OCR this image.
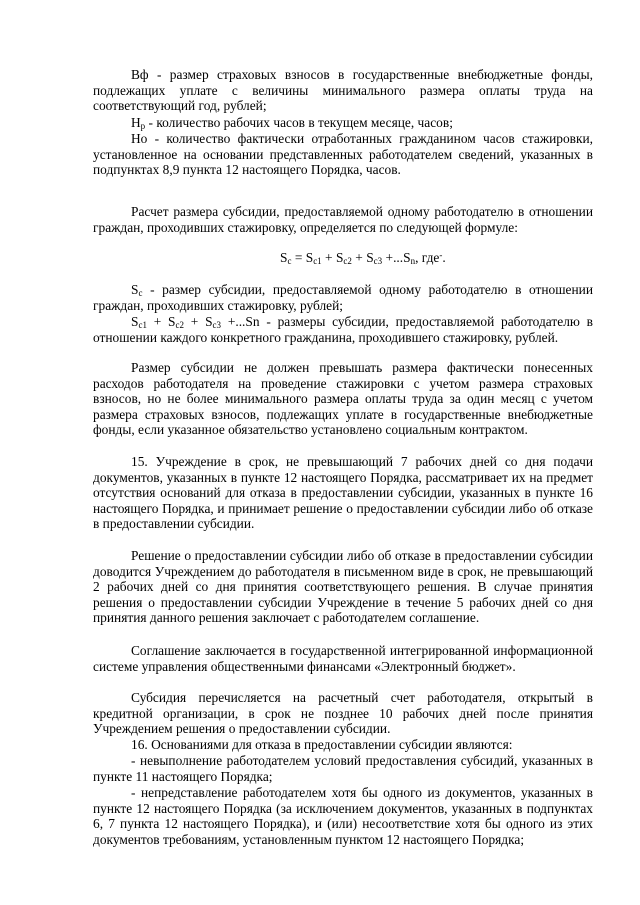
Вф - размер страховых взносов в государственные внебюджетные фонды, подлежащих уплате с величины минимального размера оплаты труда на соответствующий год, рублей;

$Н_р$ - количество рабочих часов в текущем месяце, часов;

Но - количество фактически отработанных гражданином часов стажировки, установленное на основании представленных работодателем сведений, указанных в подпунктах 8,9 пункта 12 настоящего Порядка, часов.

Расчет размера субсидии, предоставляемой одному работодателю в отношении граждан, проходивших стажировку, определяется по следующей формуле:

$S_с = S_{c1} + S_{c2} + S_{c3} +...S_n$, где-.

$S_с$ - размер субсидии, предоставляемой одному работодателю в отношении граждан, проходивших стажировку, рублей;

$S_{c1} + S_{c2} + S_{c3} +...Sn$ - размеры субсидии, предоставляемой работодателю в отношении каждого конкретного гражданина, проходившего стажировку, рублей.

Размер субсидии не должен превышать размера фактически понесенных расходов работодателя на проведение стажировки с учетом размера страховых взносов, но не более минимального размера оплаты труда за один месяц с учетом размера страховых взносов, подлежащих уплате в государственные внебюджетные фонды, если указанное обязательство установлено социальным контрактом.

15. Учреждение в срок, не превышающий 7 рабочих дней со дня подачи документов, указанных в пункте 12 настоящего Порядка, рассматривает их на предмет отсутствия оснований для отказа в предоставлении субсидии, указанных в пункте 16 настоящего Порядка, и принимает решение о предоставлении субсидии либо об отказе в предоставлении субсидии.

Решение о предоставлении субсидии либо об отказе в предоставлении субсидии доводится Учреждением до работодателя в письменном виде в срок, не превышающий 2 рабочих дней со дня принятия соответствующего решения. В случае принятия решения о предоставлении субсидии Учреждение в течение 5 рабочих дней со дня принятия данного решения заключает с работодателем соглашение.

Соглашение заключается в государственной интегрированной информационной системе управления общественными финансами «Электронный бюджет».

Субсидия перечисляется на расчетный счет работодателя, открытый в кредитной организации, в срок не позднее 10 рабочих дней после принятия Учреждением решения о предоставлении субсидии.

16. Основаниями для отказа в предоставлении субсидии являются:

- невыполнение работодателем условий предоставления субсидий, указанных в пункте 11 настоящего Порядка;

- непредставление работодателем хотя бы одного из документов, указанных в пункте 12 настоящего Порядка (за исключением документов, указанных в подпунктах 6, 7 пункта 12 настоящего Порядка), и (или) несоответствие хотя бы одного из этих документов требованиям, установленным пунктом 12 настоящего Порядка;
